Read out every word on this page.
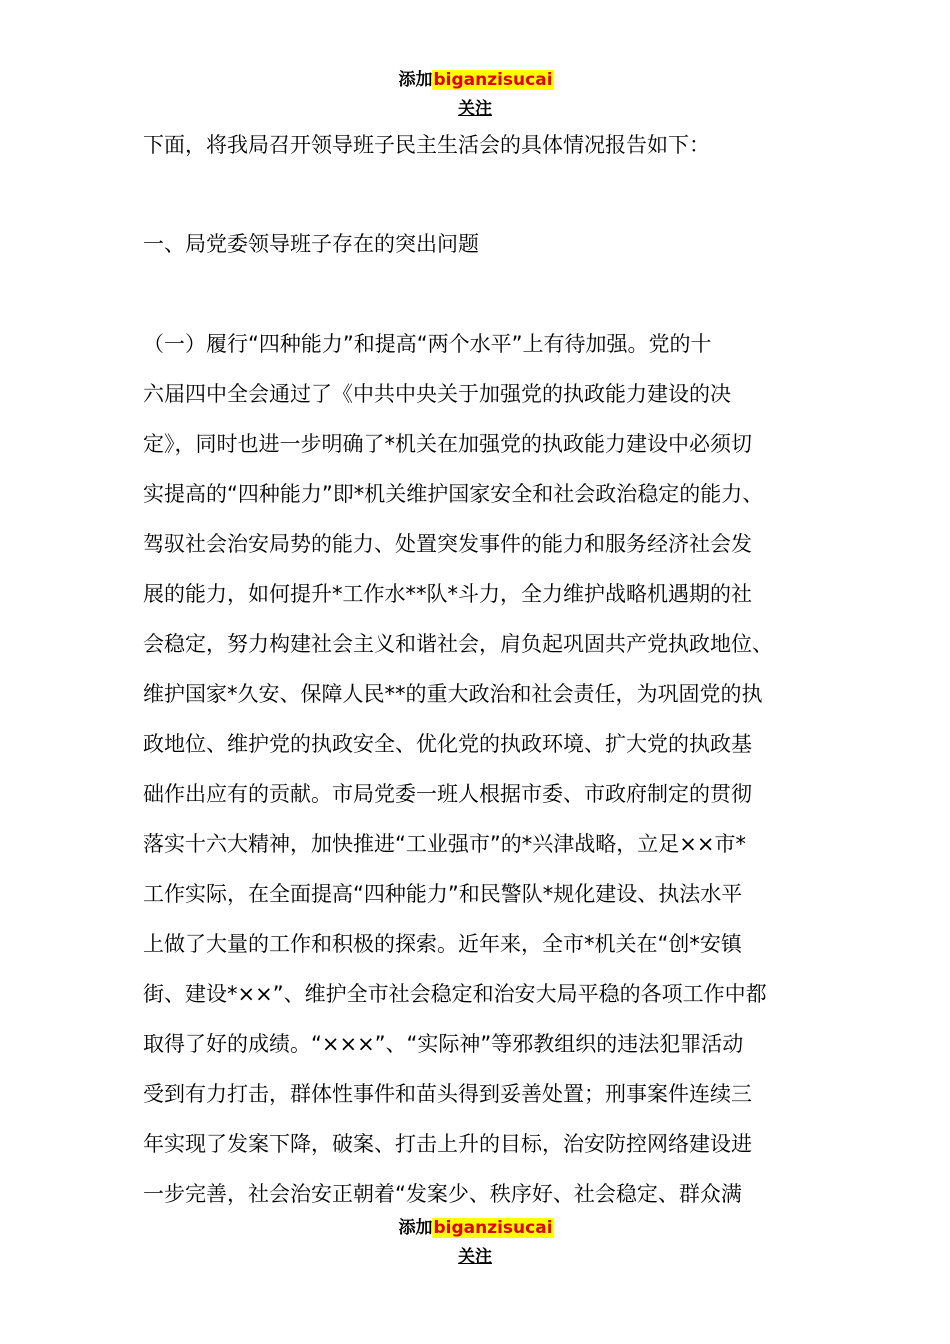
添加biganzisucai
关注

下面，将我局召开领导班子民主生活会的具体情况报告如下：

一、局党委领导班子存在的突出问题

（一）履行“四种能力”和提高“两个水平”上有待加强。党的十
六届四中全会通过了《中共中央关于加强党的执政能力建设的决
定》，同时也进一步明确了*机关在加强党的执政能力建设中必须切
实提高的“四种能力”即*机关维护国家安全和社会政治稳定的能力、
驾驭社会治安局势的能力、处置突发事件的能力和服务经济社会发
展的能力，如何提升*工作水**队*斗力，全力维护战略机遇期的社
会稳定，努力构建社会主义和谐社会，肩负起巩固共产党执政地位、
维护国家*久安、保障人民**的重大政治和社会责任，为巩固党的执
政地位、维护党的执政安全、优化党的执政环境、扩大党的执政基
础作出应有的贡献。市局党委一班人根据市委、市政府制定的贯彻
落实十六大精神，加快推进“工业强市”的*兴津战略，立足××市*
工作实际，在全面提高“四种能力”和民警队*规化建设、执法水平
上做了大量的工作和积极的探索。近年来，全市*机关在“创*安镇
街、建设*××”、维护全市社会稳定和治安大局平稳的各项工作中都
取得了好的成绩。“×××”、“实际神”等邪教组织的违法犯罪活动
受到有力打击，群体性事件和苗头得到妥善处置；刑事案件连续三
年实现了发案下降，破案、打击上升的目标，治安防控网络建设进
一步完善，社会治安正朝着“发案少、秩序好、社会稳定、群众满
添加biganzisucai
关注
